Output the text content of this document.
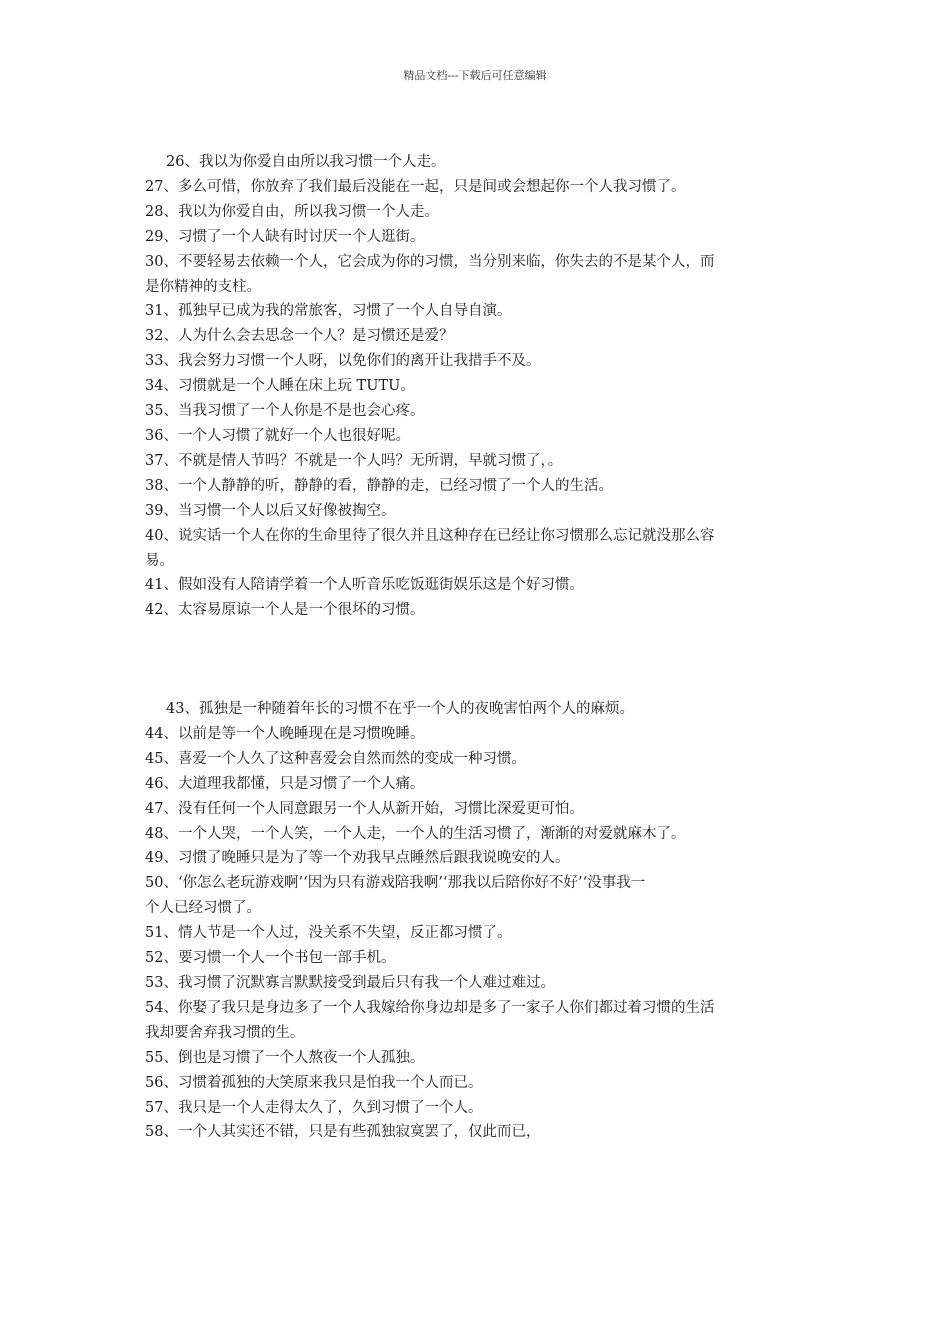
精品文档---下载后可任意编辑
26、我以为你爱自由所以我习惯一个人走。
27、多么可惜，你放弃了我们最后没能在一起，只是间或会想起你一个人我习惯了。
28、我以为你爱自由，所以我习惯一个人走。
29、习惯了一个人缺有时讨厌一个人逛街。
30、不要轻易去依赖一个人，它会成为你的习惯，当分别来临，你失去的不是某个人，而
是你精神的支柱。
31、孤独早已成为我的常旅客，习惯了一个人自导自演。
32、人为什么会去思念一个人？是习惯还是爱？
33、我会努力习惯一个人呀，以免你们的离开让我措手不及。
34、习惯就是一个人睡在床上玩 TUTU。
35、当我习惯了一个人你是不是也会心疼。
36、一个人习惯了就好一个人也很好呢。
37、不就是情人节吗？不就是一个人吗？无所谓，早就习惯了，。
38、一个人静静的听，静静的看，静静的走，已经习惯了一个人的生活。
39、当习惯一个人以后又好像被掏空。
40、说实话一个人在你的生命里待了很久并且这种存在已经让你习惯那么忘记就没那么容
易。
41、假如没有人陪请学着一个人听音乐吃饭逛街娱乐这是个好习惯。
42、太容易原谅一个人是一个很坏的习惯。
43、孤独是一种随着年长的习惯不在乎一个人的夜晚害怕两个人的麻烦。
44、以前是等一个人晚睡现在是习惯晚睡。
45、喜爱一个人久了这种喜爱会自然而然的变成一种习惯。
46、大道理我都懂，只是习惯了一个人痛。
47、没有任何一个人同意跟另一个人从新开始，习惯比深爱更可怕。
48、一个人哭，一个人笑，一个人走，一个人的生活习惯了，渐渐的对爱就麻木了。
49、习惯了晚睡只是为了等一个劝我早点睡然后跟我说晚安的人。
50、‘你怎么老玩游戏啊’‘因为只有游戏陪我啊’‘那我以后陪你好不好’‘没事我一
个人已经习惯了。
51、情人节是一个人过，没关系不失望，反正都习惯了。
52、要习惯一个人一个书包一部手机。
53、我习惯了沉默寡言默默接受到最后只有我一个人难过难过。
54、你娶了我只是身边多了一个人我嫁给你身边却是多了一家子人你们都过着习惯的生活
我却要舍弃我习惯的生。
55、倒也是习惯了一个人熬夜一个人孤独。
56、习惯着孤独的大笑原来我只是怕我一个人而已。
57、我只是一个人走得太久了，久到习惯了一个人。
58、一个人其实还不错，只是有些孤独寂寞罢了，仅此而已，
